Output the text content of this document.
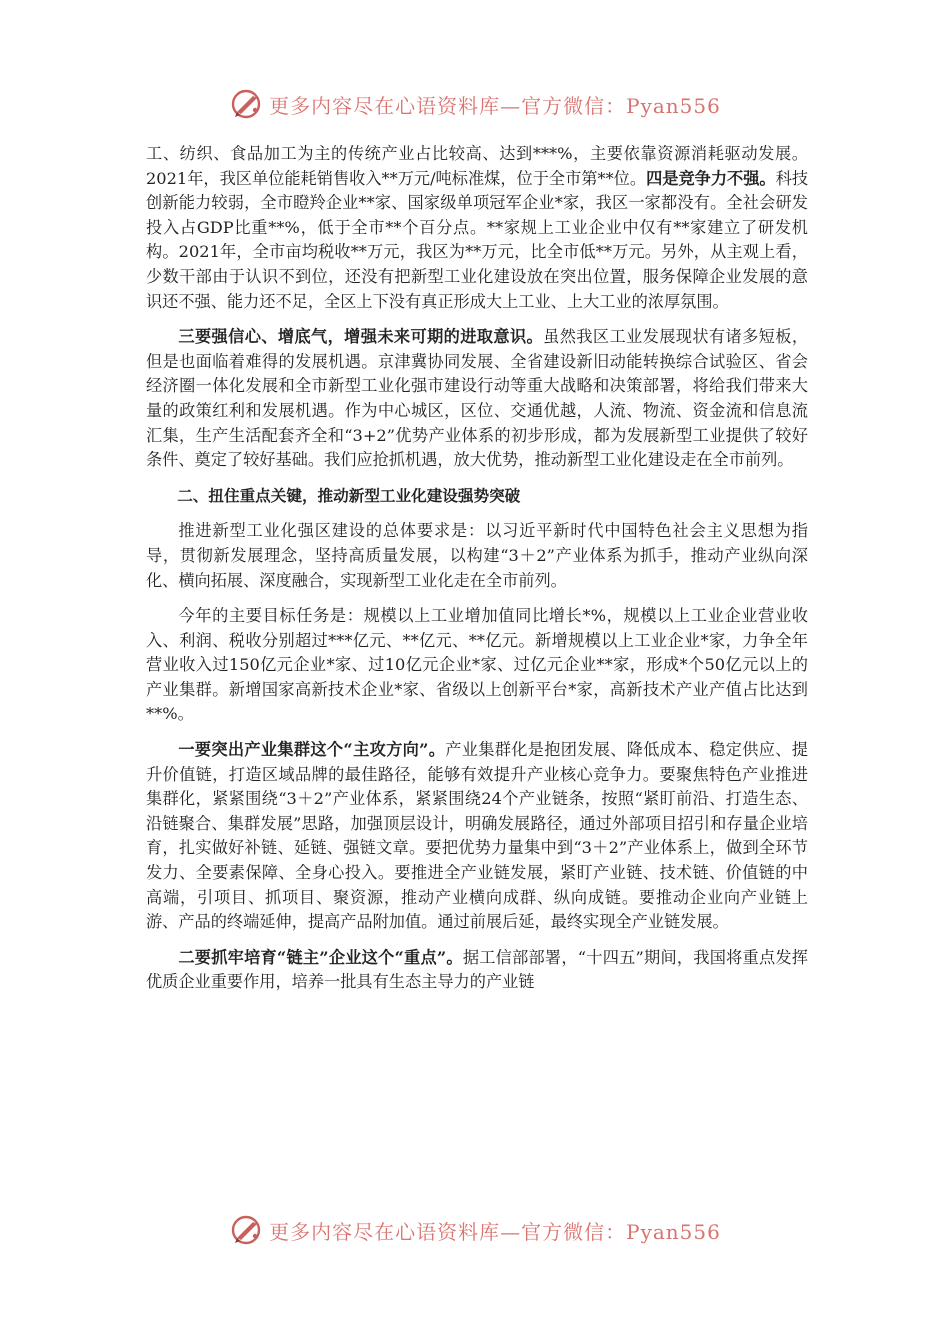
更多内容尽在心语资料库—官方微信：Pyan556

工、纺织、食品加工为主的传统产业占比较高、达到***%，主要依靠资源消耗驱动发展。2021年，我区单位能耗销售收入**万元/吨标准煤，位于全市第**位。四是竞争力不强。科技创新能力较弱，全市瞪羚企业**家、国家级单项冠军企业*家，我区一家都没有。全社会研发投入占GDP比重**%，低于全市**个百分点。**家规上工业企业中仅有**家建立了研发机构。2021年，全市亩均税收**万元，我区为**万元，比全市低**万元。另外，从主观上看，少数干部由于认识不到位，还没有把新型工业化建设放在突出位置，服务保障企业发展的意识还不强、能力还不足，全区上下没有真正形成大上工业、上大工业的浓厚氛围。

三要强信心、增底气，增强未来可期的进取意识。虽然我区工业发展现状有诸多短板，但是也面临着难得的发展机遇。京津冀协同发展、全省建设新旧动能转换综合试验区、省会经济圈一体化发展和全市新型工业化强市建设行动等重大战略和决策部署，将给我们带来大量的政策红利和发展机遇。作为中心城区，区位、交通优越，人流、物流、资金流和信息流汇集，生产生活配套齐全和“3+2”优势产业体系的初步形成，都为发展新型工业提供了较好条件、奠定了较好基础。我们应抢抓机遇，放大优势，推动新型工业化建设走在全市前列。

二、扭住重点关键，推动新型工业化建设强势突破

推进新型工业化强区建设的总体要求是：以习近平新时代中国特色社会主义思想为指导，贯彻新发展理念，坚持高质量发展，以构建“3＋2”产业体系为抓手，推动产业纵向深化、横向拓展、深度融合，实现新型工业化走在全市前列。

今年的主要目标任务是：规模以上工业增加值同比增长*%，规模以上工业企业营业收入、利润、税收分别超过***亿元、**亿元、**亿元。新增规模以上工业企业*家，力争全年营业收入过150亿元企业*家、过10亿元企业*家、过亿元企业**家，形成*个50亿元以上的产业集群。新增国家高新技术企业*家、省级以上创新平台*家，高新技术产业产值占比达到**%。

一要突出产业集群这个“主攻方向”。产业集群化是抱团发展、降低成本、稳定供应、提升价值链，打造区域品牌的最佳路径，能够有效提升产业核心竞争力。要聚焦特色产业推进集群化，紧紧围绕“3＋2”产业体系，紧紧围绕24个产业链条，按照“紧盯前沿、打造生态、沿链聚合、集群发展”思路，加强顶层设计，明确发展路径，通过外部项目招引和存量企业培育，扎实做好补链、延链、强链文章。要把优势力量集中到“3＋2”产业体系上，做到全环节发力、全要素保障、全身心投入。要推进全产业链发展，紧盯产业链、技术链、价值链的中高端，引项目、抓项目、聚资源，推动产业横向成群、纵向成链。要推动企业向产业链上游、产品的终端延伸，提高产品附加值。通过前展后延，最终实现全产业链发展。

二要抓牢培育“链主”企业这个“重点”。据工信部部署，“十四五”期间，我国将重点发挥优质企业重要作用，培养一批具有生态主导力的产业链

更多内容尽在心语资料库—官方微信：Pyan556
